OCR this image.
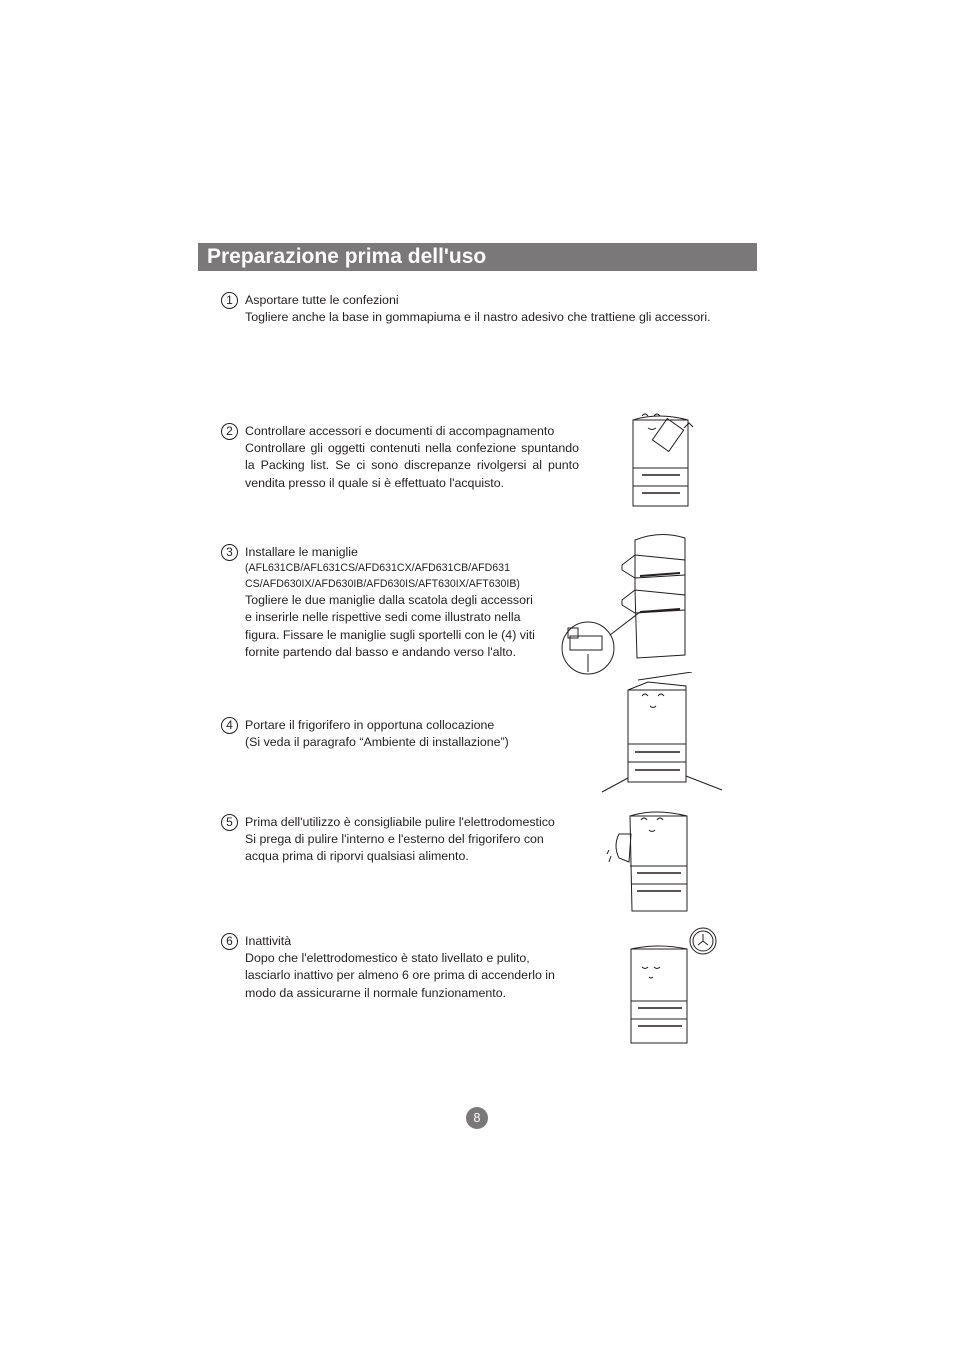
Preparazione prima dell'uso
1 Asportare tutte le confezioni

Togliere anche la base in gommapiuma e il nastro adesivo che trattiene gli accessori.

2 Controllare accessori e documenti di accompagnamento

Controllare gli oggetti contenuti nella confezione spuntando la Packing list. Se ci sono discrepanze rivolgersi al punto vendita presso il quale si è effettuato l'acquisto.

3 Installare le maniglie

(AFL631CB/AFL631CS/AFD631CX/AFD631CB/AFD631

CS/AFD630IX/AFD630IB/AFD630IS/AFT630IX/AFT630IB)

Togliere le due maniglie dalla scatola degli accessori e inserirle nelle rispettive sedi come illustrato nella figura. Fissare le maniglie sugli sportelli con le (4) viti fornite partendo dal basso e andando verso l'alto.

4 Portare il frigorifero in opportuna collocazione

(Si veda il paragrafo “Ambiente di installazione”)

5 Prima dell'utilizzo è consigliabile pulire l'elettrodomestico

Si prega di pulire l'interno e l'esterno del frigorifero con acqua prima di riporvi qualsiasi alimento.

6 Inattività

Dopo che l'elettrodomestico è stato livellato e pulito, lasciarlo inattivo per almeno 6 ore prima di accenderlo in modo da assicurarne il normale funzionamento.

8
